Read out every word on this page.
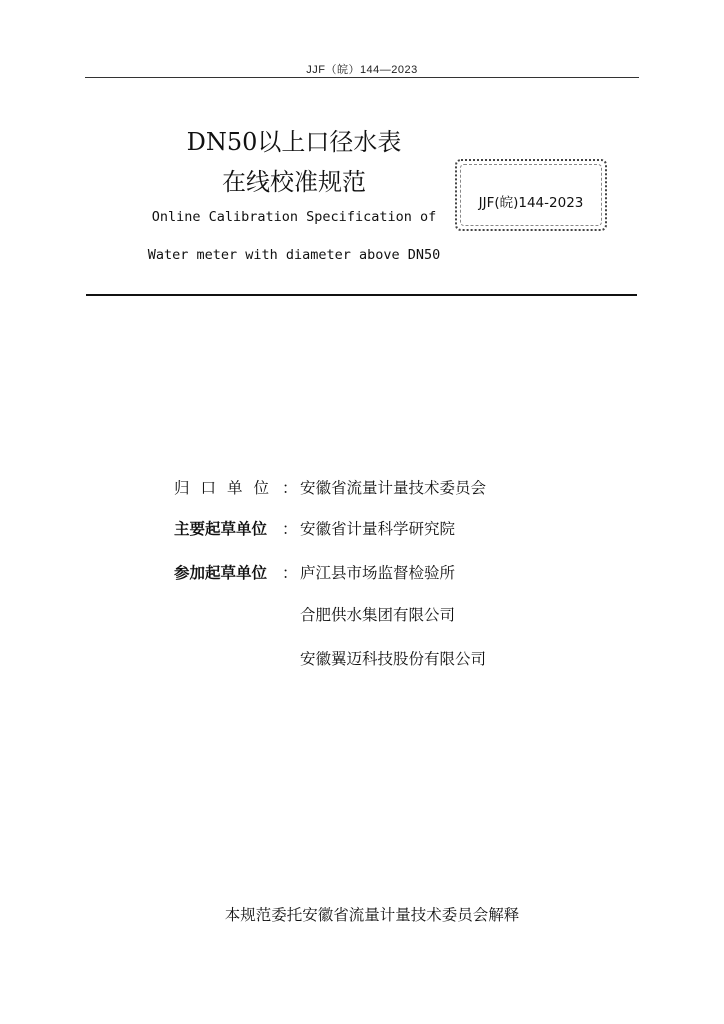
JJF（皖）144—2023
DN50以上口径水表
在线校准规范
Online Calibration Specification of
Water meter with diameter above DN50
JJF(皖)144-2023
归口单位 ： 安徽省流量计量技术委员会
主要起草单位 ： 安徽省计量科学研究院
参加起草单位 ： 庐江县市场监督检验所
合肥供水集团有限公司
安徽翼迈科技股份有限公司
本规范委托安徽省流量计量技术委员会解释
